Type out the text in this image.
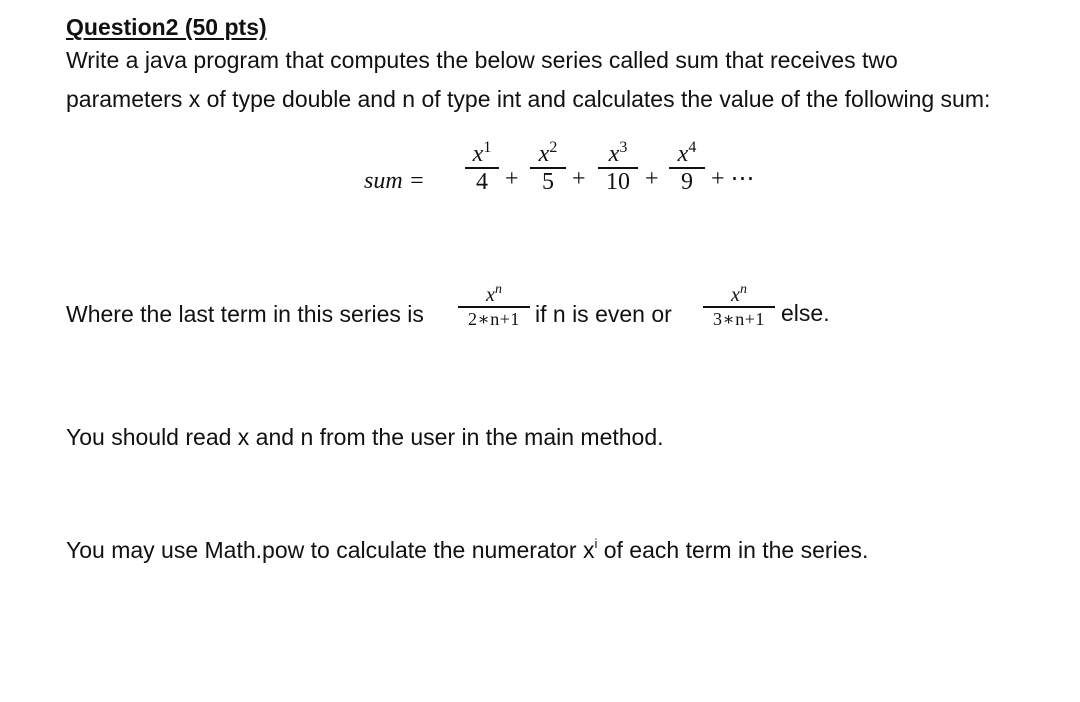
Question2 (50 pts)
Write a java program that computes the below series called sum that receives two
parameters x of type double and n of type int and calculates the value of the following sum:
sum =
$x^1$
4 +
$x^2$
5 +
$x^3$
10 +
$x^4$
9 + ⋯
Where the last term in this series is
$x^n$
2∗n+1 if n is even or
$x^n$
3∗n+1 else.
You should read x and n from the user in the main method.
You may use Math.pow to calculate the numerator $x^i$ of each term in the series.
